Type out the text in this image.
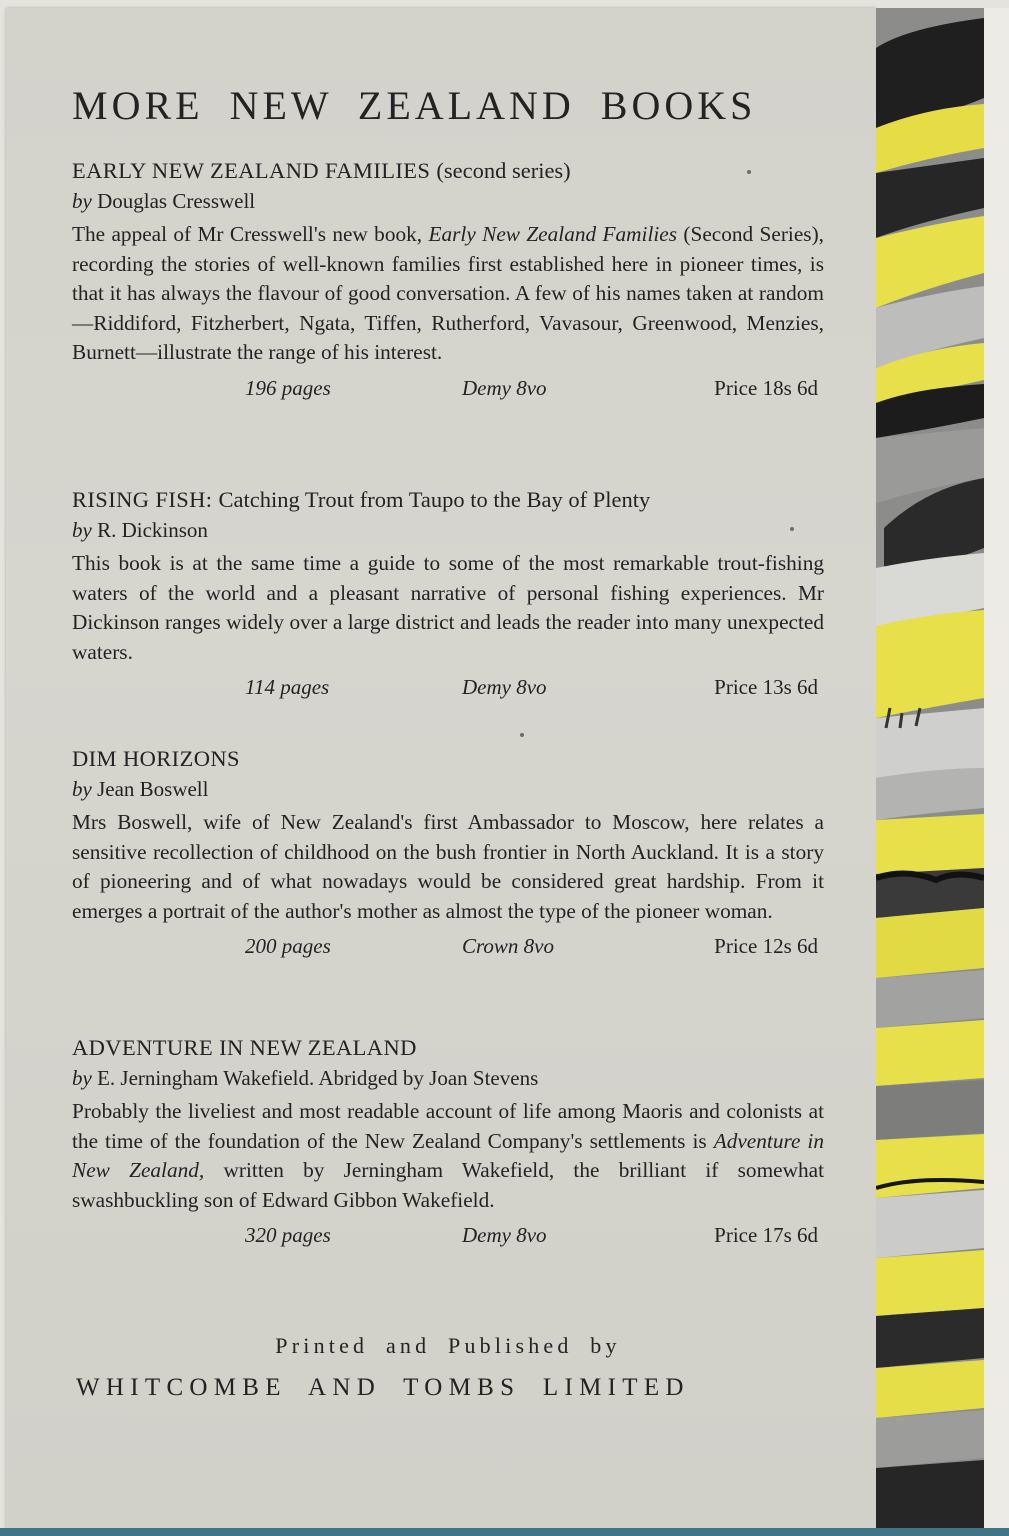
MORE NEW ZEALAND BOOKS

EARLY NEW ZEALAND FAMILIES (second series)

by Douglas Cresswell
The appeal of Mr Cresswell's new book, Early New Zealand Families (Second Series), recording the stories of well-known families first established here in pioneer times, is that it has always the flavour of good conversation. A few of his names taken at random—Riddiford, Fitzherbert, Ngata, Tiffen, Rutherford, Vavasour, Greenwood, Menzies, Burnett—illustrate the range of his interest.
196 pages	Demy 8vo	Price 18s 6d

RISING FISH: Catching Trout from Taupo to the Bay of Plenty

by R. Dickinson
This book is at the same time a guide to some of the most remarkable trout-fishing waters of the world and a pleasant narrative of personal fishing experiences. Mr Dickinson ranges widely over a large district and leads the reader into many unexpected waters.
114 pages	Demy 8vo	Price 13s 6d

DIM HORIZONS

by Jean Boswell
Mrs Boswell, wife of New Zealand's first Ambassador to Moscow, here relates a sensitive recollection of childhood on the bush frontier in North Auckland. It is a story of pioneering and of what nowadays would be considered great hardship. From it emerges a portrait of the author's mother as almost the type of the pioneer woman.
200 pages	Crown 8vo	Price 12s 6d

ADVENTURE IN NEW ZEALAND

by E. Jerningham Wakefield. Abridged by Joan Stevens
Probably the liveliest and most readable account of life among Maoris and colonists at the time of the foundation of the New Zealand Company's settlements is Adventure in New Zealand, written by Jerningham Wakefield, the brilliant if somewhat swashbuckling son of Edward Gibbon Wakefield.
320 pages	Demy 8vo	Price 17s 6d
Printed and Published by
WHITCOMBE AND TOMBS LIMITED
